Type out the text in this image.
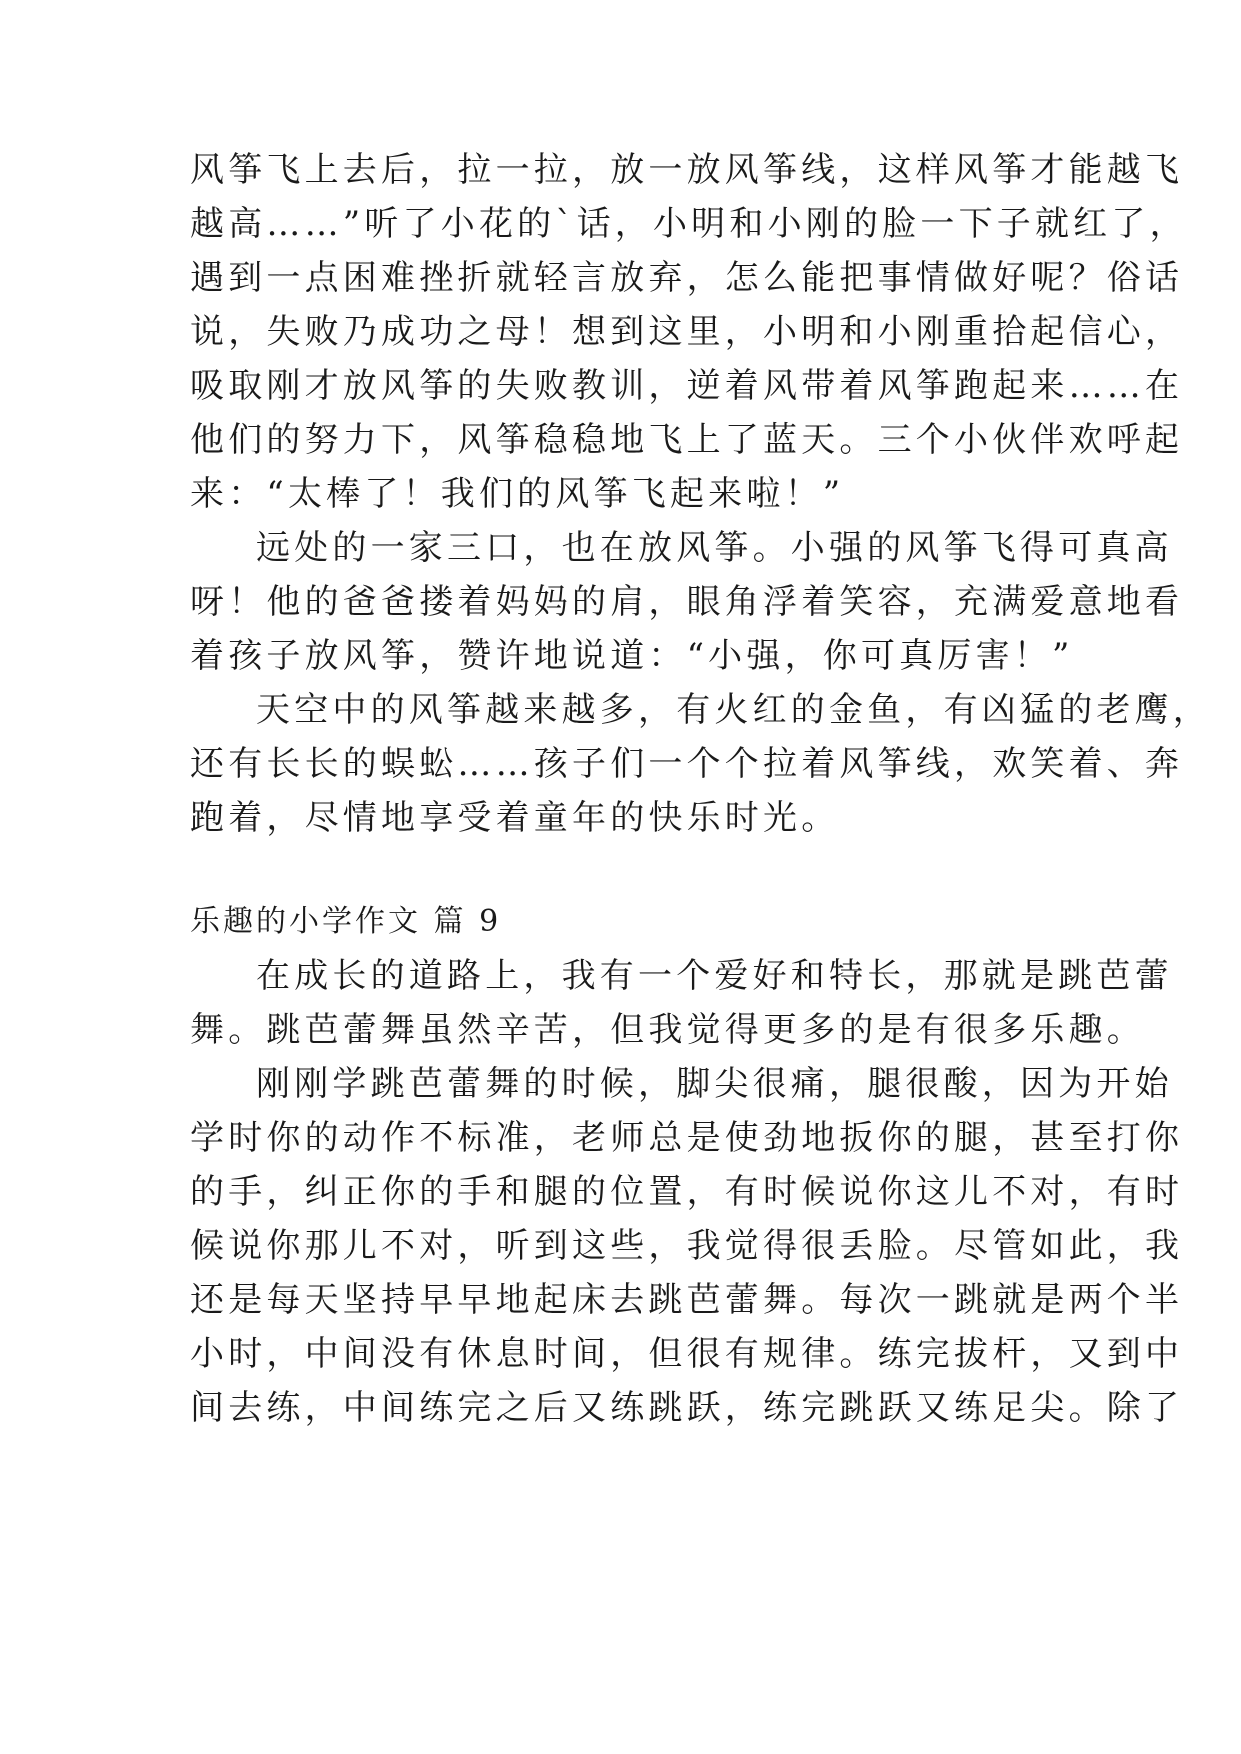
风筝飞上去后，拉一拉，放一放风筝线，这样风筝才能越飞
越高……”听了小花的`话，小明和小刚的脸一下子就红了，
遇到一点困难挫折就轻言放弃，怎么能把事情做好呢？俗话
说，失败乃成功之母！想到这里，小明和小刚重拾起信心，
吸取刚才放风筝的失败教训，逆着风带着风筝跑起来……在
他们的努力下，风筝稳稳地飞上了蓝天。三个小伙伴欢呼起
来：“太棒了！我们的风筝飞起来啦！”
远处的一家三口，也在放风筝。小强的风筝飞得可真高
呀！他的爸爸搂着妈妈的肩，眼角浮着笑容，充满爱意地看
着孩子放风筝，赞许地说道：“小强，你可真厉害！”
天空中的风筝越来越多，有火红的金鱼，有凶猛的老鹰，
还有长长的蜈蚣……孩子们一个个拉着风筝线，欢笑着、奔
跑着，尽情地享受着童年的快乐时光。
乐趣的小学作文 篇 9
在成长的道路上，我有一个爱好和特长，那就是跳芭蕾
舞。跳芭蕾舞虽然辛苦，但我觉得更多的是有很多乐趣。
刚刚学跳芭蕾舞的时候，脚尖很痛，腿很酸，因为开始
学时你的动作不标准，老师总是使劲地扳你的腿，甚至打你
的手，纠正你的手和腿的位置，有时候说你这儿不对，有时
候说你那儿不对，听到这些，我觉得很丢脸。尽管如此，我
还是每天坚持早早地起床去跳芭蕾舞。每次一跳就是两个半
小时，中间没有休息时间，但很有规律。练完拔杆，又到中
间去练，中间练完之后又练跳跃，练完跳跃又练足尖。除了
